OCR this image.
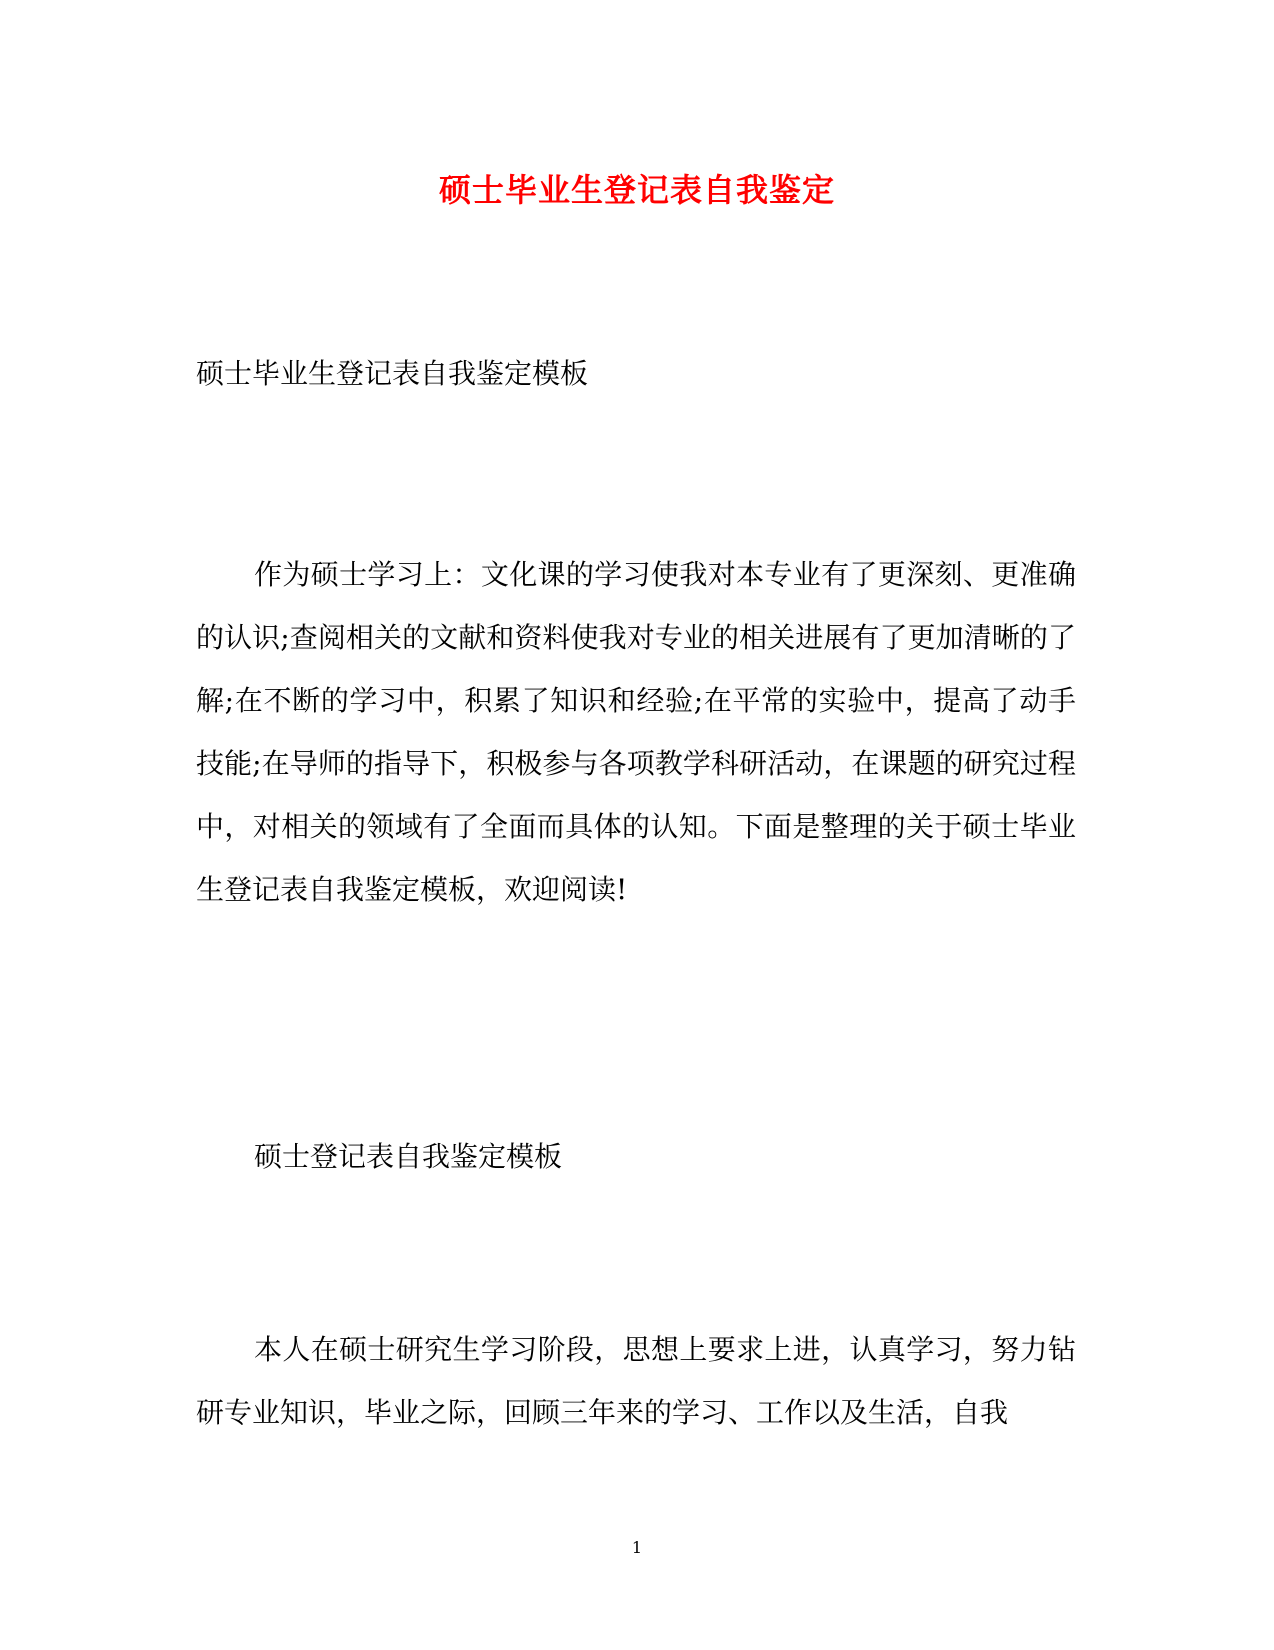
硕士毕业生登记表自我鉴定
硕士毕业生登记表自我鉴定模板
作为硕士学习上：文化课的学习使我对本专业有了更深刻、更准确的认识;查阅相关的文献和资料使我对专业的相关进展有了更加清晰的了解;在不断的学习中，积累了知识和经验;在平常的实验中，提高了动手技能;在导师的指导下，积极参与各项教学科研活动，在课题的研究过程中，对相关的领域有了全面而具体的认知。下面是整理的关于硕士毕业生登记表自我鉴定模板，欢迎阅读!
硕士登记表自我鉴定模板
本人在硕士研究生学习阶段，思想上要求上进，认真学习，努力钻研专业知识，毕业之际，回顾三年来的学习、工作以及生活，自我
1
